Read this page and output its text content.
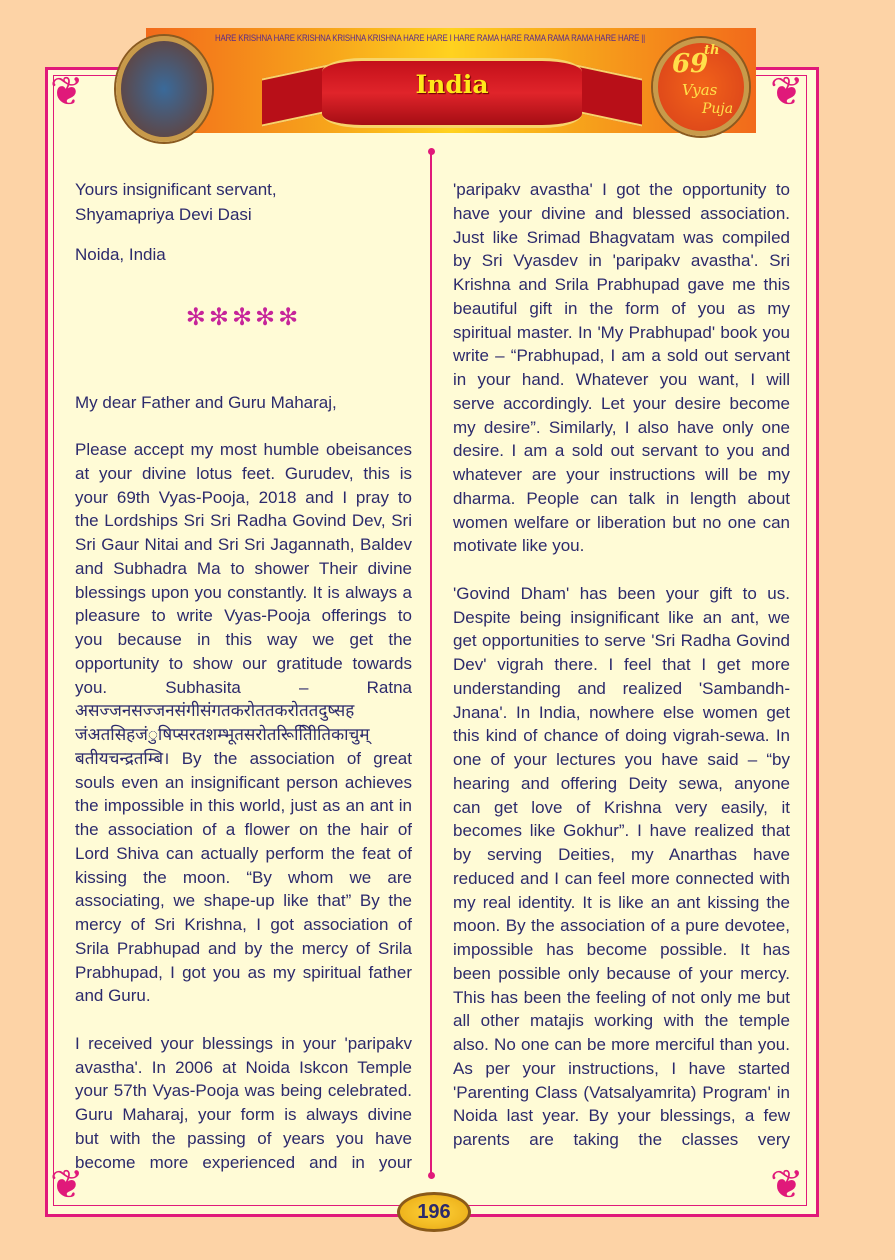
❦	❦
❦	❦
India
69
th
Vyas
Puja
HARE KRISHNA HARE KRISHNA KRISHNA KRISHNA HARE HARE I HARE RAMA HARE RAMA RAMA RAMA HARE HARE ||
Yours insignificant servant,
Shyamapriya Devi Dasi
Noida, India
✻✻✻✻✻
My dear Father and Guru Maharaj,
Please accept my most humble obeisances
at your divine lotus feet. Gurudev, this is
your 69th Vyas-Pooja, 2018 and I pray to
the Lordships Sri Sri Radha Govind Dev, Sri
Sri Gaur Nitai and Sri Sri Jagannath, Baldev
and Subhadra Ma to shower Their divine
blessings upon you constantly. It is always a
pleasure to write Vyas-Pooja offerings to
you because in this way we get the
opportunity to show our gratitude towards
you. Subhasita – Ratna
असज्जनसज्जनसंगीसंगतकरोततकरोततदुष्सह
जंअतसिहजंुषिप्सरतशम्भूतसरोतरूितिीितिकाचुम्
बतीयचन्द्रतम्बि। By the association of great
souls even an insignificant person achieves
the impossible in this world, just as an ant in
the association of a flower on the hair of
Lord Shiva can actually perform the feat of
kissing the moon. “By whom we are
associating, we shape-up like that” By the
mercy of Sri Krishna, I got association of
Srila Prabhupad and by the mercy of Srila
Prabhupad, I got you as my spiritual father
and Guru.
I received your blessings in your 'paripakv
avastha'. In 2006 at Noida Iskcon Temple
your 57th Vyas-Pooja was being celebrated.
Guru Maharaj, your form is always divine
but with the passing of years you have
become more experienced and in your
'paripakv avastha' I got the opportunity to
have your divine and blessed association.
Just like Srimad Bhagvatam was compiled
by Sri Vyasdev in 'paripakv avastha'. Sri
Krishna and Srila Prabhupad gave me this
beautiful gift in the form of you as my
spiritual master. In 'My Prabhupad' book you
write – “Prabhupad, I am a sold out servant
in your hand. Whatever you want, I will
serve accordingly. Let your desire become
my desire”. Similarly, I also have only one
desire. I am a sold out servant to you and
whatever are your instructions will be my
dharma. People can talk in length about
women welfare or liberation but no one can
motivate like you.
'Govind Dham' has been your gift to us.
Despite being insignificant like an ant, we
get opportunities to serve 'Sri Radha Govind
Dev' vigrah there. I feel that I get more
understanding and realized 'Sambandh-
Jnana'. In India, nowhere else women get
this kind of chance of doing vigrah-sewa. In
one of your lectures you have said – “by
hearing and offering Deity sewa, anyone
can get love of Krishna very easily, it
becomes like Gokhur”. I have realized that
by serving Deities, my Anarthas have
reduced and I can feel more connected with
my real identity. It is like an ant kissing the
moon. By the association of a pure devotee,
impossible has become possible. It has
been possible only because of your mercy.
This has been the feeling of not only me but
all other matajis working with the temple
also. No one can be more merciful than you.
As per your instructions, I have started
'Parenting Class (Vatsalyamrita) Program' in
Noida last year. By your blessings, a few
parents are taking the classes very
196
